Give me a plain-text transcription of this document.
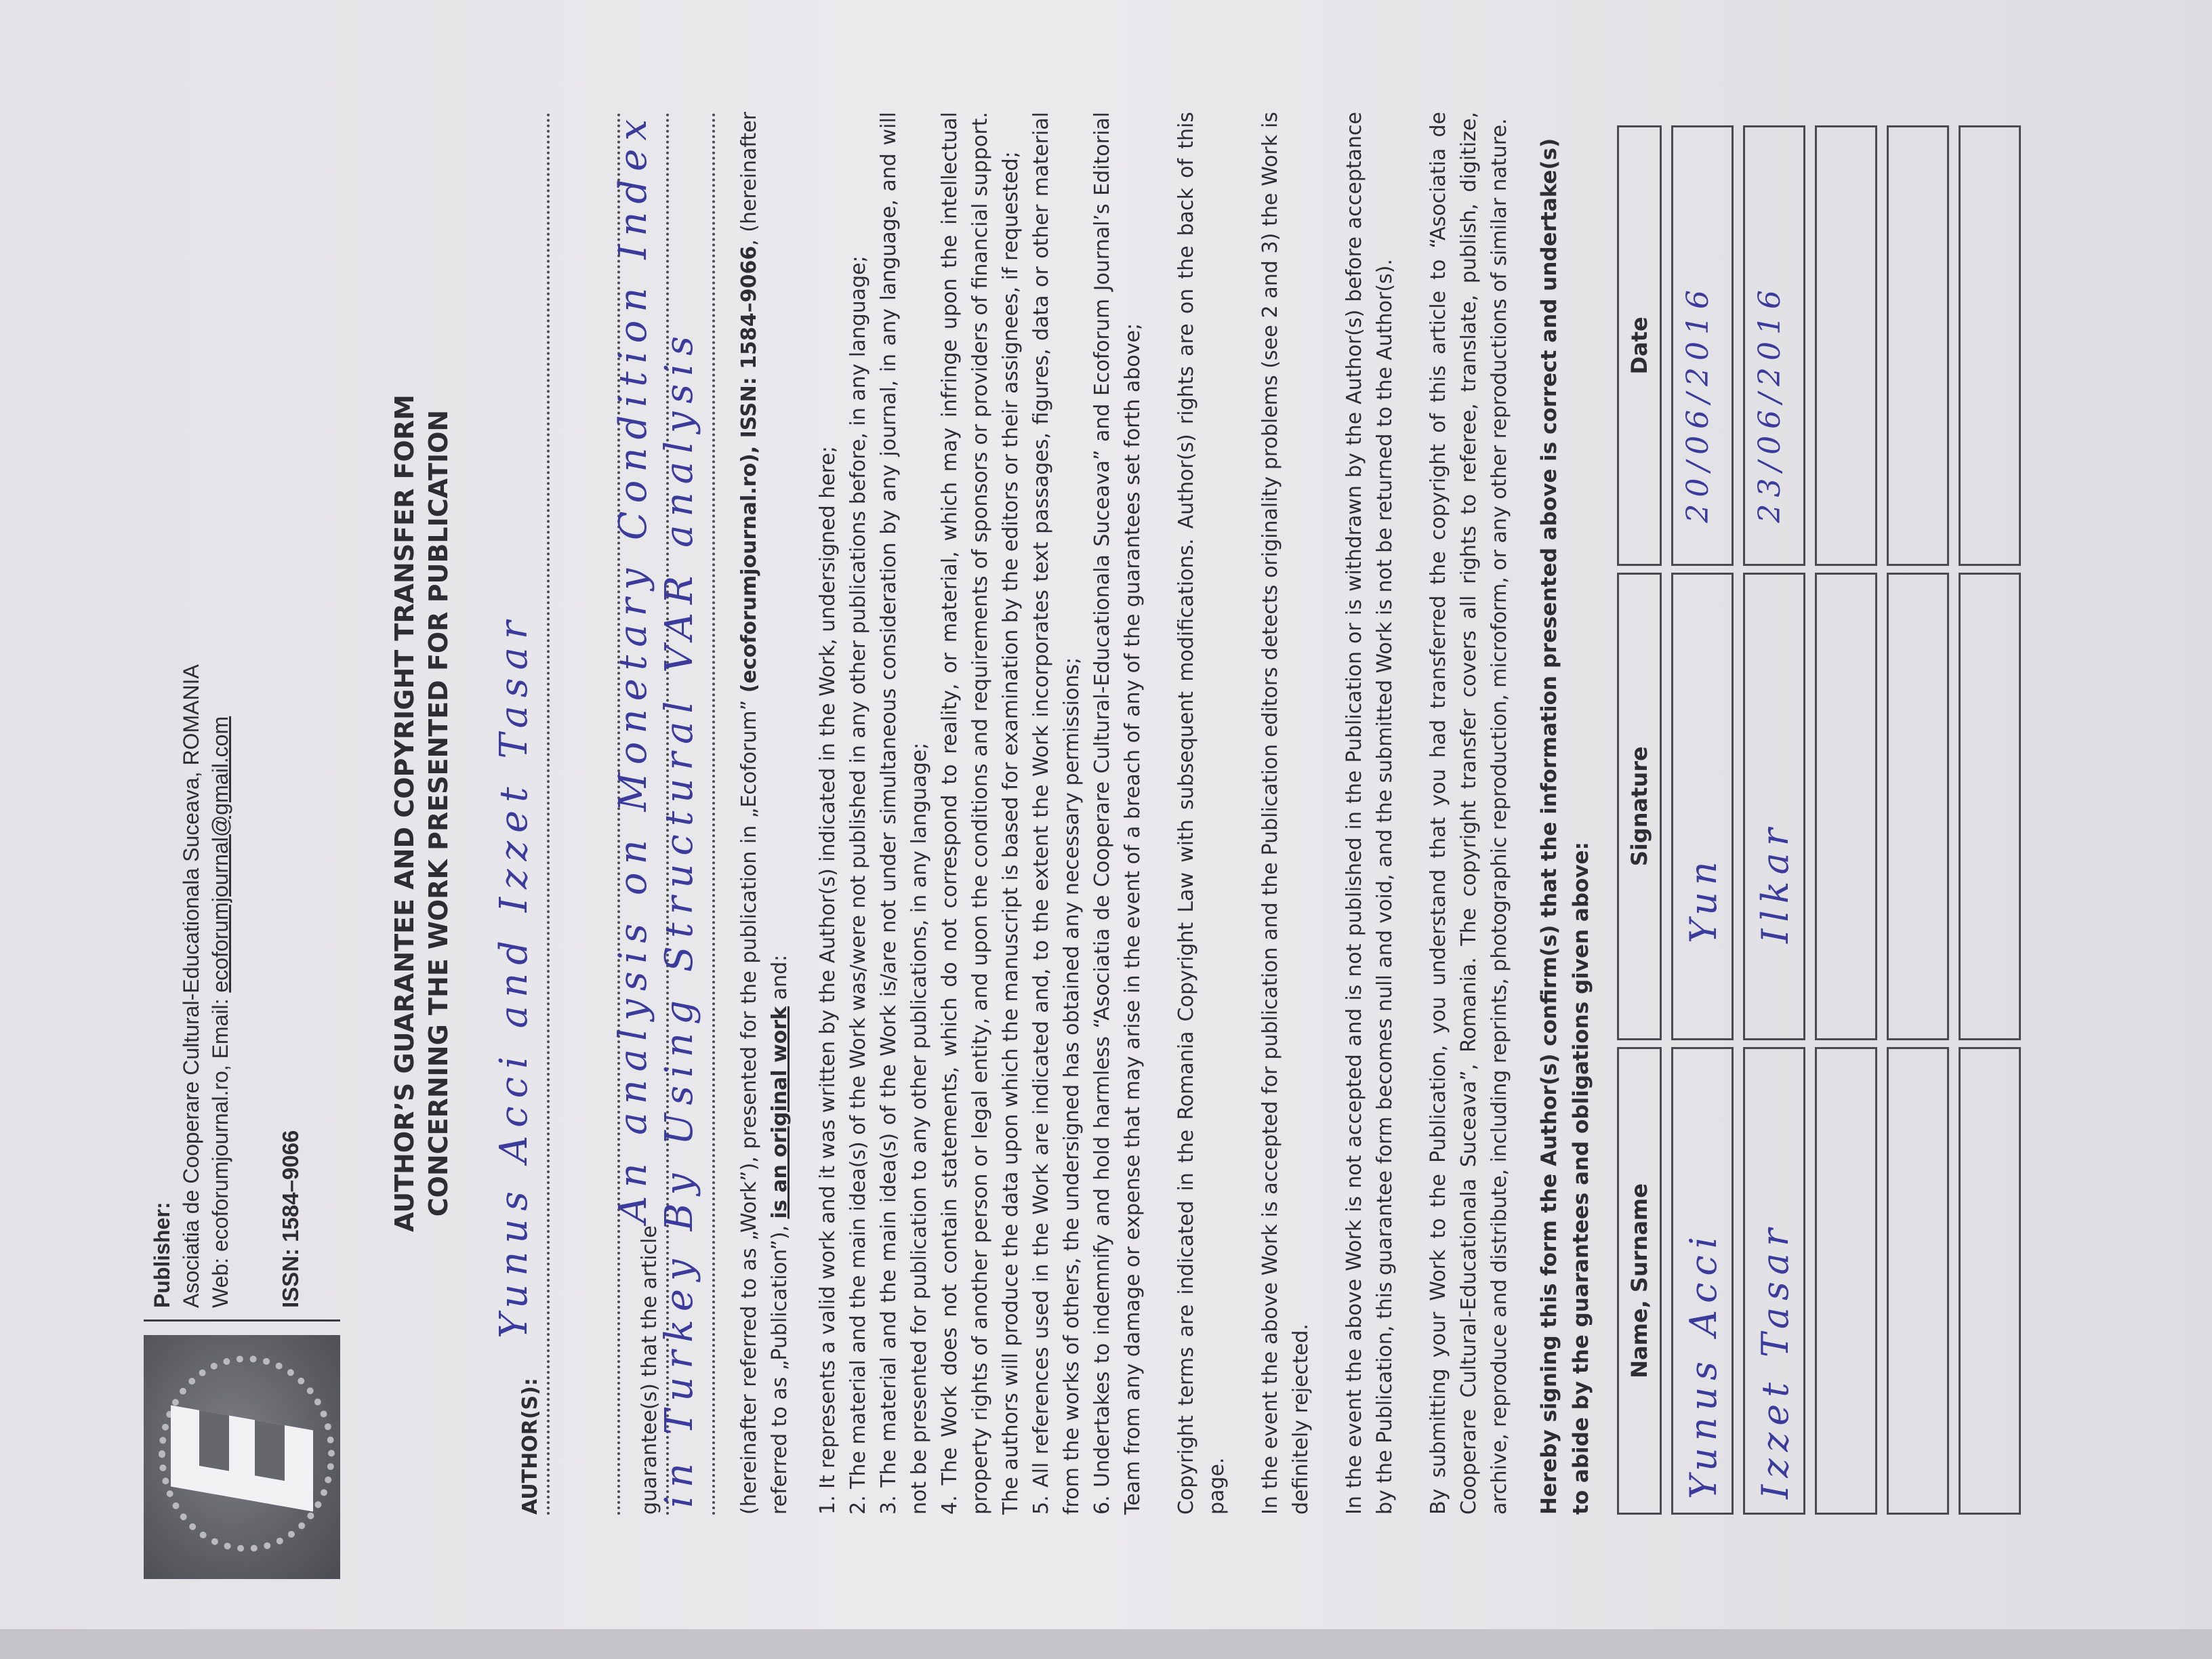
Publisher: Asociatia de Cooperare Cultural-Educationala Suceava, ROMANIA Web: ecoforumjournal.ro, Email: ecoforumjournal@gmail.com
ISSN: 1584–9066	AUTHOR’S GUARANTEE AND COPYRIGHT TRANSFER FORM CONCERNING THE WORK PRESENTED FOR PUBLICATION
AUTHOR(S):
Yunus Acci and Izzet Tasar
guarantee(s) that the article
An analysis on Monetary Condition Index in Turkey By Using Structural VAR analysis	(hereinafter referred to as „Work”), presented for the publication in „Ecoforum” (ecoforumjournal.ro), ISSN: 1584–9066, (hereinafter referred to as „Publication”), is an original work and: 1. It represents a valid work and it was written by the Author(s) indicated in the Work, undersigned here; 2. The material and the main idea(s) of the Work was/were not published in any other publications before, in any language; 3. The material and the main idea(s) of the Work is/are not under simultaneous consideration by any journal, in any language, and will not be presented for publication to any other publications, in any language; 4. The Work does not contain statements, which do not correspond to reality, or material, which may infringe upon the intellectual property rights of another person or legal entity, and upon the conditions and requirements of sponsors or providers of financial support. The authors will produce the data upon which the manuscript is based for examination by the editors or their assignees, if requested; 5. All references used in the Work are indicated and, to the extent the Work incorporates text passages, figures, data or other material from the works of others, the undersigned has obtained any necessary permissions; 6. Undertakes to indemnify and hold harmless “Asociatia de Cooperare Cultural-Educationala Suceava” and Ecoforum Journal’s Editorial Team from any damage or expense that may arise in the event of a breach of any of the guarantees set forth above; Copyright terms are indicated in the Romania Copyright Law with subsequent modifications. Author(s) rights are on the back of this page. In the event the above Work is accepted for publication and the Publication editors detects originality problems (see 2 and 3) the Work is definitely rejected. In the event the above Work is not accepted and is not published in the Publication or is withdrawn by the Author(s) before acceptance by the Publication, this guarantee form becomes null and void, and the submitted Work is not be returned to the Author(s). By submitting your Work to the Publication, you understand that you had transferred the copyright of this article to “Asociatia de Cooperare Cultural-Educationala Suceava”, Romania. The copyright transfer covers all rights to referee, translate, publish, digitize, archive, reproduce and distribute, including reprints, photographic reproduction, microform, or any other reproductions of similar nature. Hereby signing this form the Author(s) confirm(s) that the information presented above is correct and undertake(s) to abide by the guarantees and obligations given above: Name, Surname	Signature	Date

Yunus Acci	Yun	20/06/2016

Izzet Tasar	Ilkar	23/06/2016
